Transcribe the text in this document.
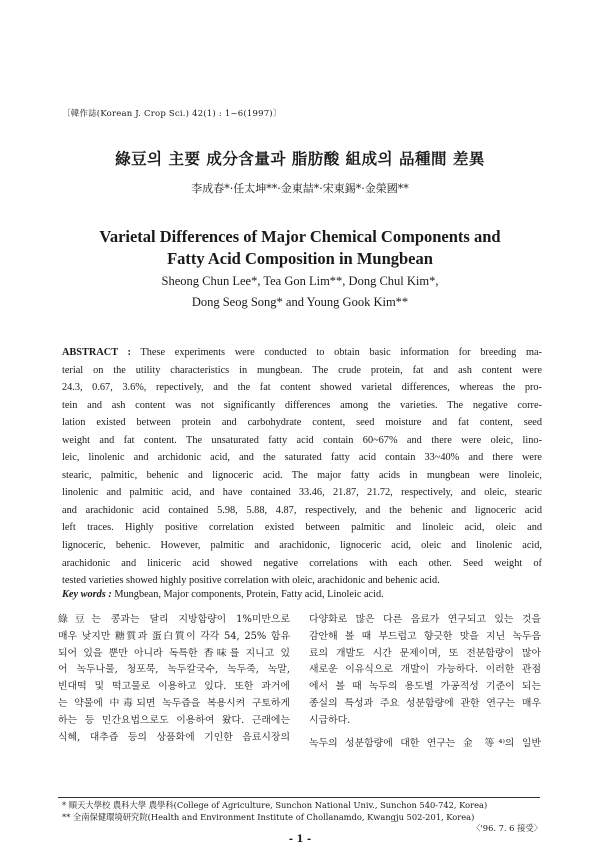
〔韓作誌(Korean J. Crop Sci.) 42(1) : 1~6(1997)〕
綠豆의 主要 成分含量과 脂肪酸 組成의 品種間 差異
李成春*·任太坤**·金東喆*·宋東錫*·金榮國**
Varietal Differences of Major Chemical Components and
Fatty Acid Composition in Mungbean
Sheong Chun Lee*, Tea Gon Lim**, Dong Chul Kim*,
Dong Seog Song* and Young Gook Kim**
ABSTRACT : These experiments were conducted to obtain basic information for breeding ma-
terial on the utility characteristics in mungbean. The crude protein, fat and ash content were
24.3, 0.67, 3.6%, repectively, and the fat content showed varietal differences, whereas the pro-
tein and ash content was not significantly differences among the varieties. The negative corre-
lation existed between protein and carbohydrate content, seed moisture and fat content, seed
weight and fat content. The unsaturated fatty acid contain 60~67% and there were oleic, lino-
leic, linolenic and archidonic acid, and the saturated fatty acid contain 33~40% and there were
stearic, palmitic, behenic and lignoceric acid. The major fatty acids in mungbean were linoleic,
linolenic and palmitic acid, and have contained 33.46, 21.87, 21.72, respectively, and oleic, stearic
and arachidonic acid contained 5.98, 5.88, 4.87, respectively, and the behenic and lignoceric acid
left traces. Highly positive correlation existed between palmitic and linoleic acid, oleic and
lignoceric, behenic. However, palmitic and arachidonic, lignoceric acid, oleic and linolenic acid,
arachidonic and liniceric acid showed negative correlations with each other. Seed weight of
tested varieties showed highly positive correlation with oleic, arachidonic and behenic acid.
Key words : Mungbean, Major components, Protein, Fatty acid, Linoleic acid.
綠豆는 콩과는 달리 지방함량이 1%미만으로
매우 낮지만 糖質과 蛋白質이 각각 54, 25% 함유
되어 있을 뿐만 아니라 독특한 香味를 지니고 있
어 녹두나물, 청포묵, 녹두칼국수, 녹두죽, 녹말,
빈대떡 및 떡고물로 이용하고 있다. 또한 과거에
는 약물에 中毒되면 녹두즙을 복용시켜 구토하게
하는 등 민간요법으로도 이용하여 왔다. 근래에는
식혜, 대추즙 등의 상품화에 기인한 음료시장의
다양화로 많은 다른 음료가 연구되고 있는 것을
감안해 볼 때 부드럽고 향긋한 맛을 지닌 녹두음
료의 개발도 시간 문제이며, 또 전분함량이 많아
새로운 이유식으로 개발이 가능하다. 이러한 관점
에서 볼 때 녹두의 용도별 가공적성 기준이 되는
종실의 특성과 주요 성분함량에 관한 연구는 매우
시급하다.
녹두의 성분함량에 대한 연구는 金 等⁴⁾의 일반
* 順天大學校 農科大學 農學科(College of Agriculture, Sunchon National Univ., Sunchon 540-742, Korea)
** 全南保健環境研究院(Health and Environment Institute of Chollanamdo, Kwangju 502-201, Korea)
〈'96. 7. 6 接受〉
- 1 -
